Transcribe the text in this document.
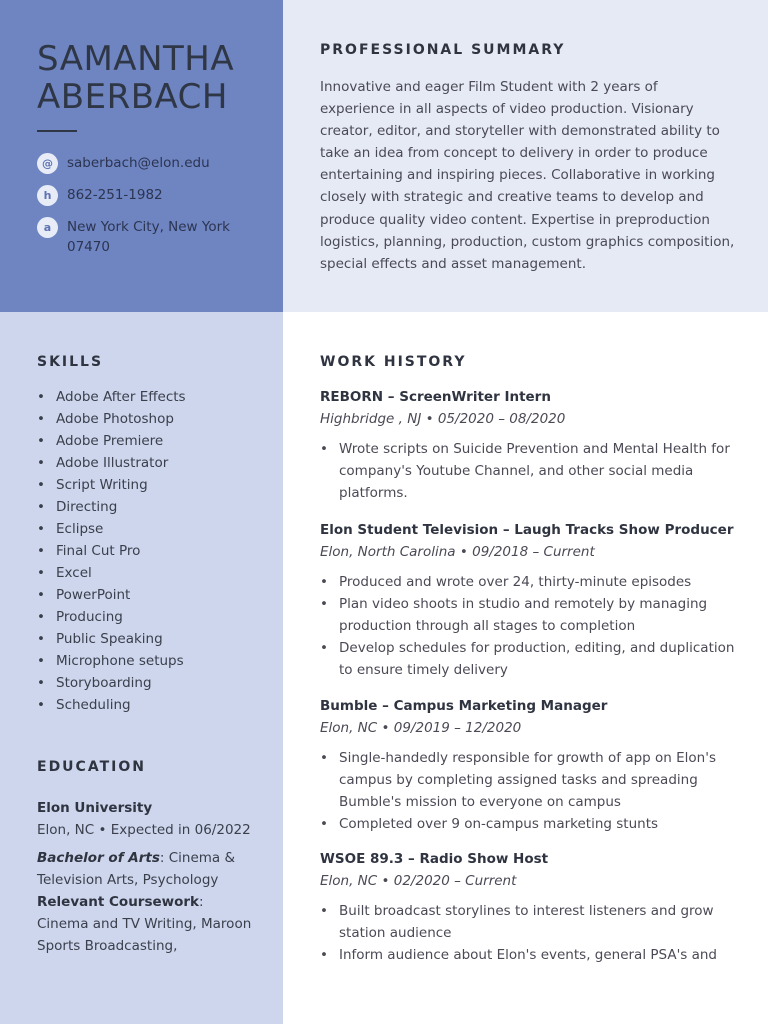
SAMANTHA
ABERBACH
@	saberbach@elon.edu
h	862-251-1982
a	New York City, New York 07470
PROFESSIONAL SUMMARY
Innovative and eager Film Student with 2 years of experience in all aspects of video production. Visionary creator, editor, and storyteller with demonstrated ability to take an idea from concept to delivery in order to produce entertaining and inspiring pieces. Collaborative in working closely with strategic and creative teams to develop and produce quality video content. Expertise in preproduction logistics, planning, production, custom graphics composition, special effects and asset management.
SKILLS
• Adobe After Effects
• Adobe Photoshop
• Adobe Premiere
• Adobe Illustrator
• Script Writing
• Directing
• Eclipse
• Final Cut Pro
• Excel
• PowerPoint
• Producing
• Public Speaking
• Microphone setups
• Storyboarding
• Scheduling
EDUCATION

Elon University

Elon, NC • Expected in 06/2022

Bachelor of Arts: Cinema & Television Arts, Psychology

Relevant Coursework: Cinema and TV Writing, Maroon Sports Broadcasting,

WORK HISTORY
REBORN – ScreenWriter Intern
Highbridge , NJ • 05/2020 – 08/2020
• Wrote scripts on Suicide Prevention and Mental Health for company's Youtube Channel, and other social media platforms.
Elon Student Television – Laugh Tracks Show Producer
Elon, North Carolina • 09/2018 – Current
• Produced and wrote over 24, thirty-minute episodes
• Plan video shoots in studio and remotely by managing production through all stages to completion
• Develop schedules for production, editing, and duplication to ensure timely delivery
Bumble – Campus Marketing Manager
Elon, NC • 09/2019 – 12/2020
• Single-handedly responsible for growth of app on Elon's campus by completing assigned tasks and spreading Bumble's mission to everyone on campus
• Completed over 9 on-campus marketing stunts
WSOE 89.3 – Radio Show Host
Elon, NC • 02/2020 – Current
• Built broadcast storylines to interest listeners and grow station audience
• Inform audience about Elon's events, general PSA's and
